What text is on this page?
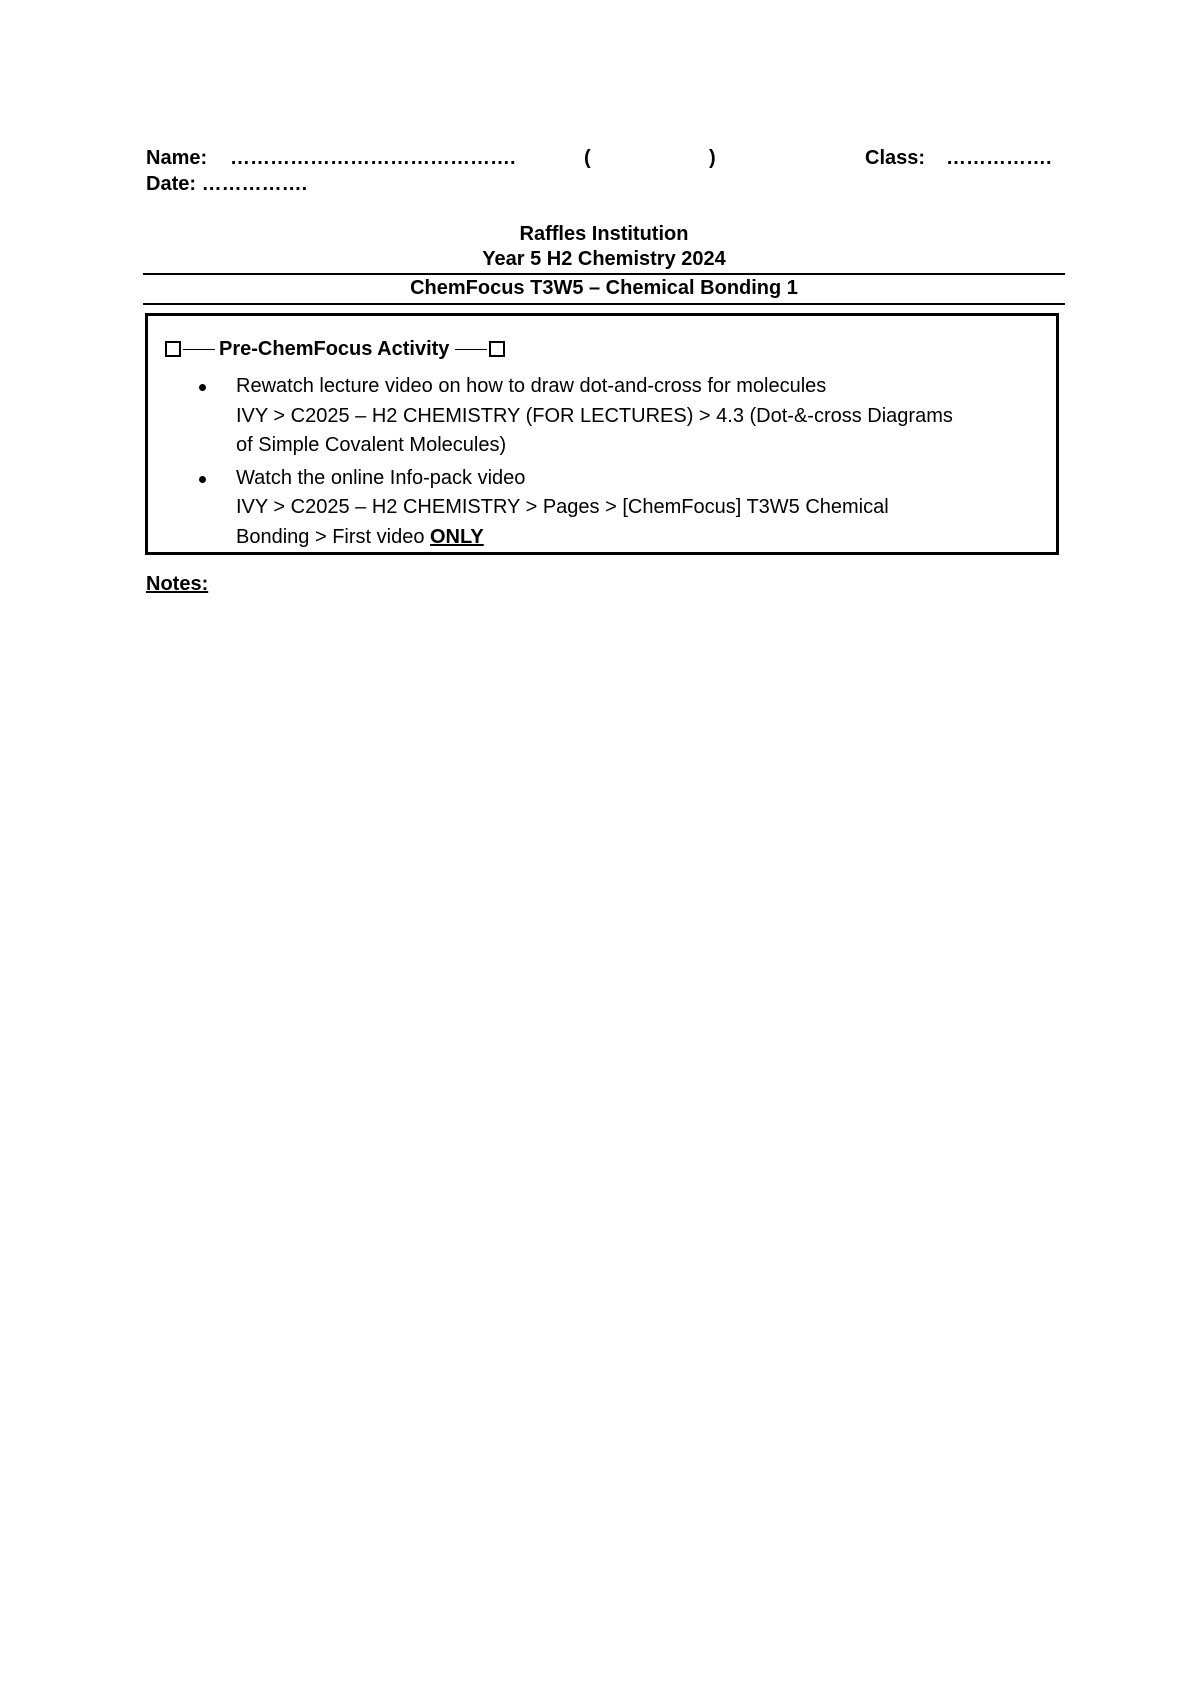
Name: …………………………………….	(	)	Class: …………….
Date: …………….
Raffles Institution
Year 5 H2 Chemistry 2024
ChemFocus T3W5 – Chemical Bonding 1
Pre-ChemFocus Activity
Rewatch lecture video on how to draw dot-and-cross for molecules
IVY > C2025 – H2 CHEMISTRY (FOR LECTURES) > 4.3 (Dot-&-cross Diagrams
of Simple Covalent Molecules)
Watch the online Info-pack video
IVY > C2025 – H2 CHEMISTRY > Pages > [ChemFocus] T3W5 Chemical
Bonding > First video ONLY
Notes:
